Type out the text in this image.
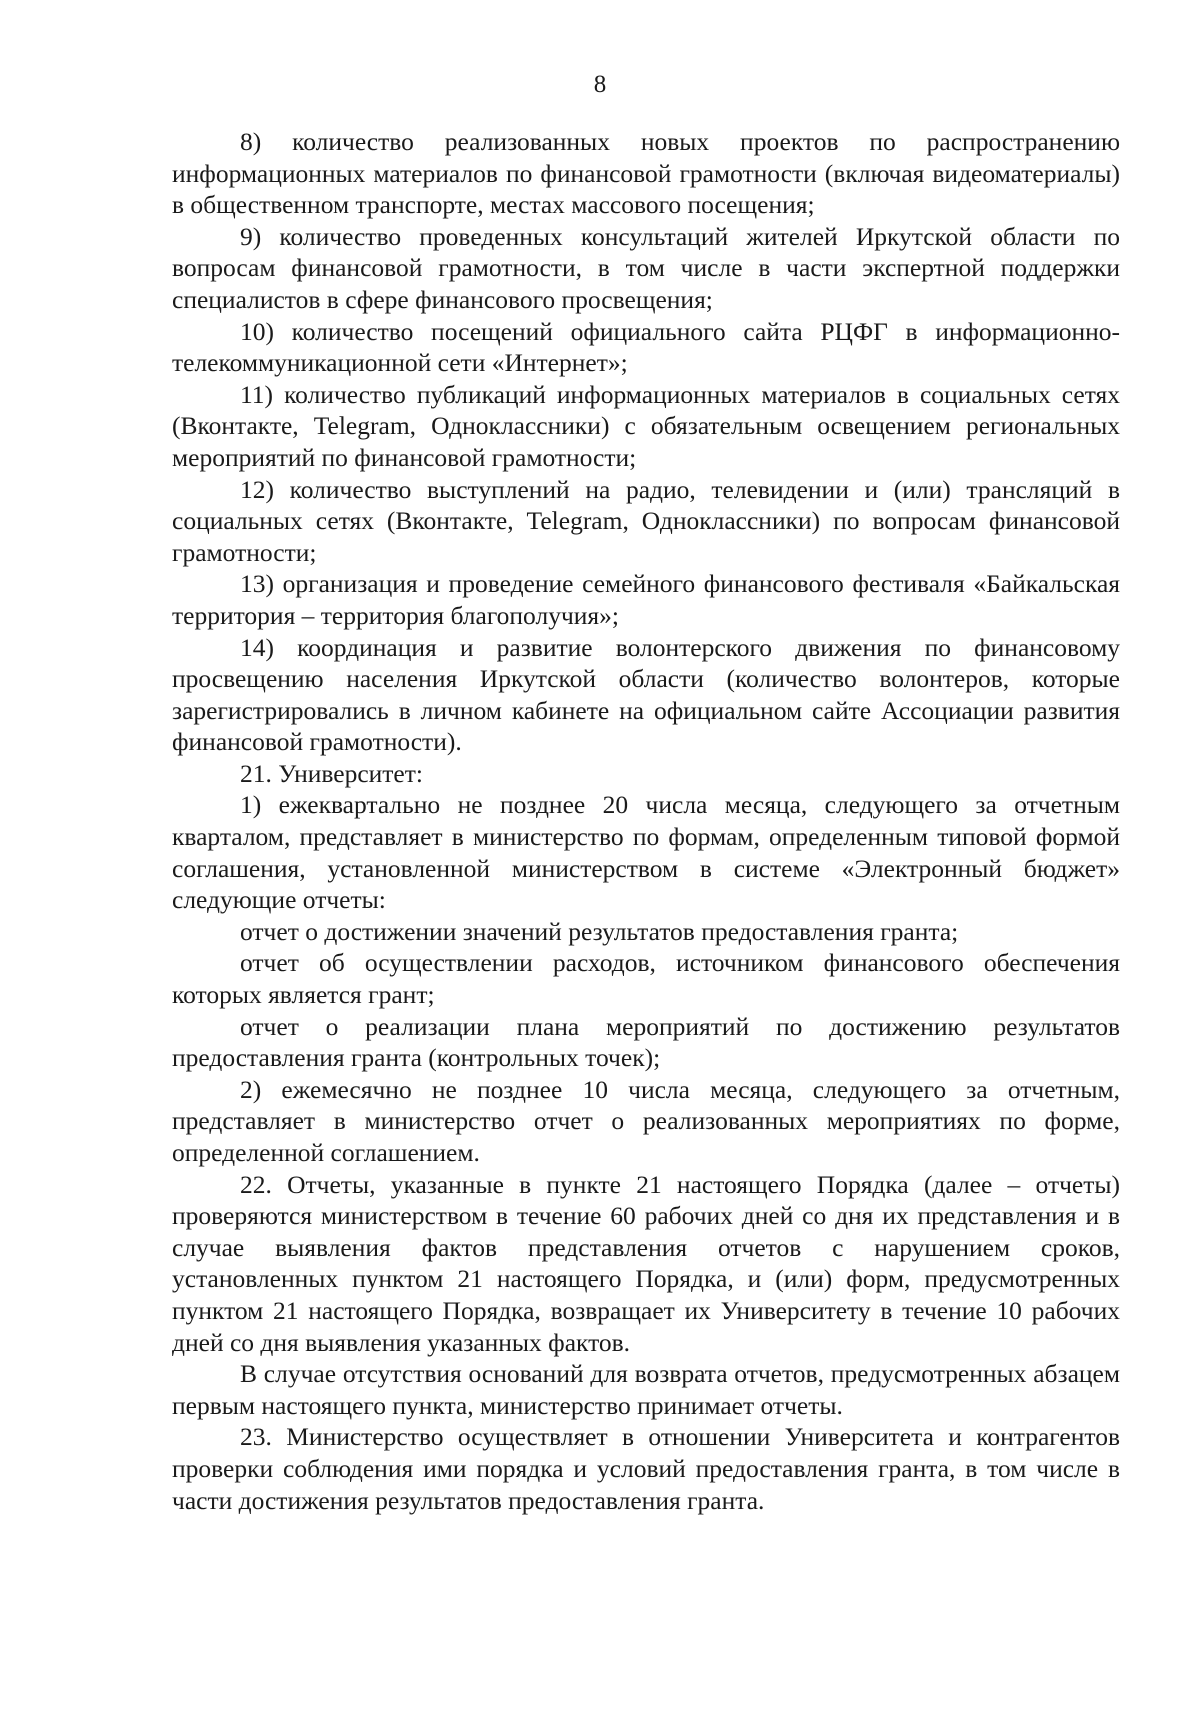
8

8) количество реализованных новых проектов по распространению информационных материалов по финансовой грамотности (включая видеоматериалы) в общественном транспорте, местах массового посещения;

9) количество проведенных консультаций жителей Иркутской области по вопросам финансовой грамотности, в том числе в части экспертной поддержки специалистов в сфере финансового просвещения;

10) количество посещений официального сайта РЦФГ в информационно-телекоммуникационной сети «Интернет»;

11) количество публикаций информационных материалов в социальных сетях (Вконтакте, Telegram, Одноклассники) с обязательным освещением региональных мероприятий по финансовой грамотности;

12) количество выступлений на радио, телевидении и (или) трансляций в социальных сетях (Вконтакте, Telegram, Одноклассники) по вопросам финансовой грамотности;

13) организация и проведение семейного финансового фестиваля «Байкальская территория – территория благополучия»;

14) координация и развитие волонтерского движения по финансовому просвещению населения Иркутской области (количество волонтеров, которые зарегистрировались в личном кабинете на официальном сайте Ассоциации развития финансовой грамотности).

21. Университет:

1) ежеквартально не позднее 20 числа месяца, следующего за отчетным кварталом, представляет в министерство по формам, определенным типовой формой соглашения, установленной министерством в системе «Электронный бюджет» следующие отчеты:

отчет о достижении значений результатов предоставления гранта;

отчет об осуществлении расходов, источником финансового обеспечения которых является грант;

отчет о реализации плана мероприятий по достижению результатов предоставления гранта (контрольных точек);

2) ежемесячно не позднее 10 числа месяца, следующего за отчетным, представляет в министерство отчет о реализованных мероприятиях по форме, определенной соглашением.

22. Отчеты, указанные в пункте 21 настоящего Порядка (далее – отчеты) проверяются министерством в течение 60 рабочих дней со дня их представления и в случае выявления фактов представления отчетов с нарушением сроков, установленных пунктом 21 настоящего Порядка, и (или) форм, предусмотренных пунктом 21 настоящего Порядка, возвращает их Университету в течение 10 рабочих дней со дня выявления указанных фактов.

В случае отсутствия оснований для возврата отчетов, предусмотренных абзацем первым настоящего пункта, министерство принимает отчеты.

23. Министерство осуществляет в отношении Университета и контрагентов проверки соблюдения ими порядка и условий предоставления гранта, в том числе в части достижения результатов предоставления гранта.
